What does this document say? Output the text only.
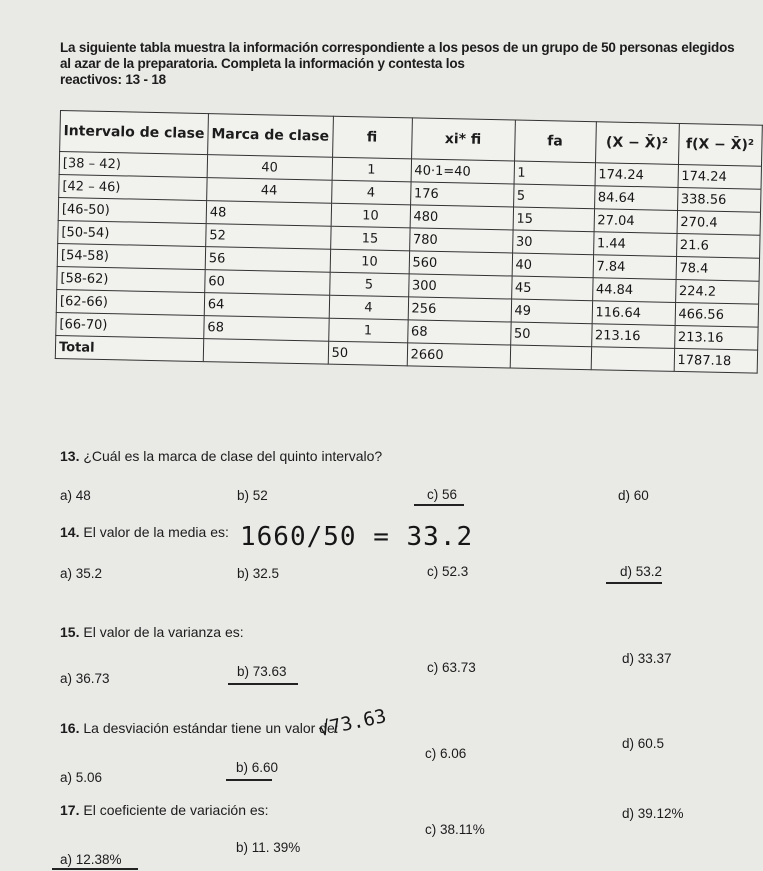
La siguiente tabla muestra la información correspondiente a los pesos de un grupo de 50 personas elegidos
al azar de la preparatoria. Completa la información y contesta los reactivos: 13 - 18
Intervalo de clase	Marca de clase	fi	xi* fi	fa	(X − X̄)²	f(X − X̄)²
[38 – 42)	40	1	40·1=40	1	174.24	174.24
[42 – 46)	44	4	176	5	84.64	338.56
[46-50)	48	10	480	15	27.04	270.4
[50-54)	52	15	780	30	1.44	21.6
[54-58)	56	10	560	40	7.84	78.4
[58-62)	60	5	300	45	44.84	224.2
[62-66)	64	4	256	49	116.64	466.56
[66-70)	68	1	68	50	213.16	213.16
Total		50	2660			1787.18
13. ¿Cuál es la marca de clase del quinto intervalo?
a) 48	b) 52	c) 56	d) 60
14. El valor de la media es: 1660/50 = 33.2
a) 35.2	b) 32.5	c) 52.3	d) 53.2
15. El valor de la varianza es:
a) 36.73	b) 73.63	c) 63.73
d) 33.37
16. La desviación estándar tiene un valor de:
√73.63
a) 5.06
b) 6.60
c) 6.06
d) 60.5
17. El coeficiente de variación es:
a) 12.38%
b) 11. 39%
c) 38.11%
d) 39.12%
